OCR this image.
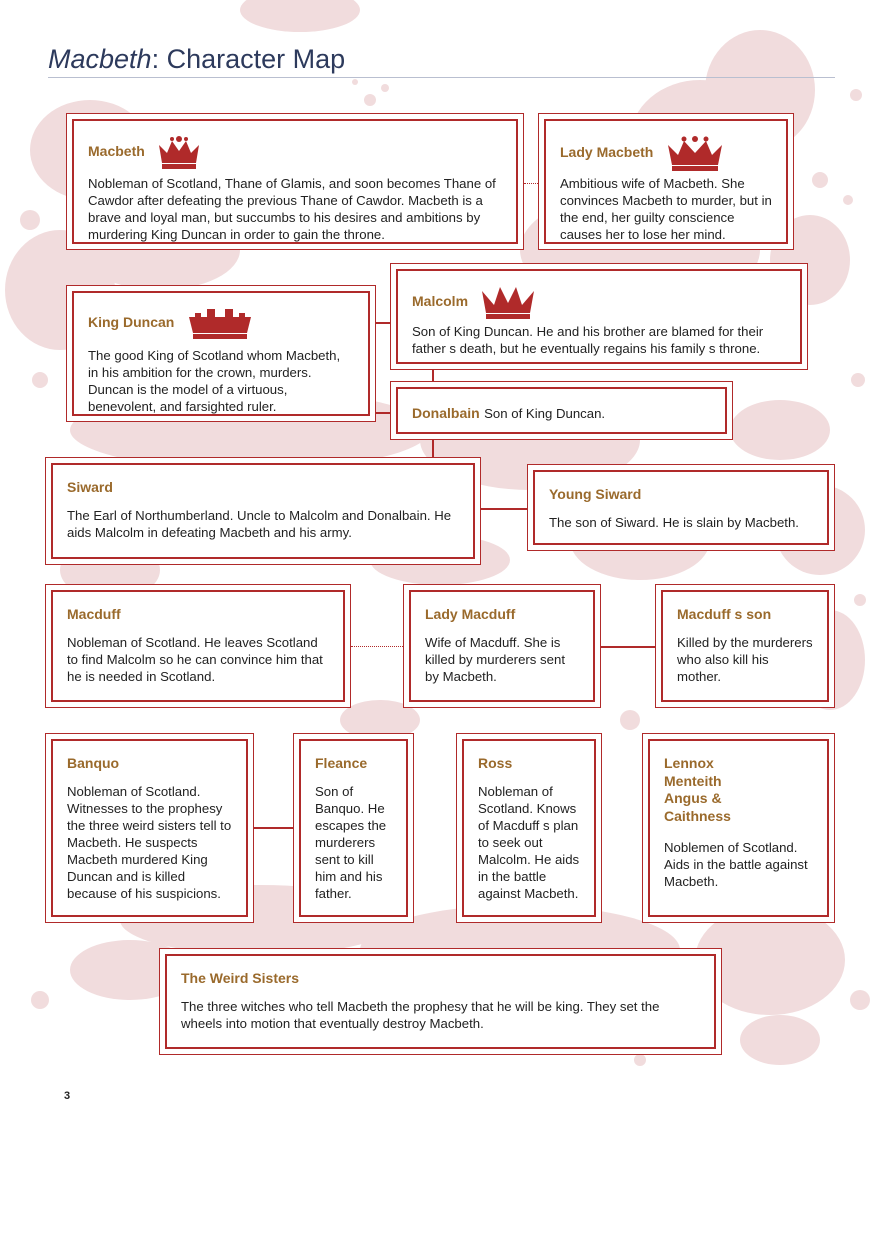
Macbeth: Character Map
Macbeth
Nobleman of Scotland, Thane of Glamis, and soon becomes Thane of Cawdor after defeating the previous Thane of Cawdor. Macbeth is a brave and loyal man, but succumbs to his desires and ambitions by murdering King Duncan in order to gain the throne.
Lady Macbeth
Ambitious wife of Macbeth. She convinces Macbeth to murder, but in the end, her guilty conscience causes her to lose her mind.
Malcolm
Son of King Duncan. He and his brother are blamed for their father s death, but he eventually regains his family s throne.
King Duncan
The good King of Scotland whom Macbeth, in his ambition for the crown, murders. Duncan is the model of a virtuous, benevolent, and farsighted ruler.	Donalbain Son of King Duncan.
Siward
The Earl of Northumberland. Uncle to Malcolm and Donalbain. He aids Malcolm in defeating Macbeth and his army.
Young Siward
The son of Siward. He is slain by Macbeth.
Macduff
Nobleman of Scotland. He leaves Scotland to find Malcolm so he can convince him that he is needed in Scotland.
Lady Macduff
Wife of Macduff. She is killed by murderers sent by Macbeth.
Macduff s son
Killed by the murderers who also kill his mother.
Banquo
Nobleman of Scotland. Witnesses to the prophesy the three weird sisters tell to Macbeth. He suspects Macbeth murdered King Duncan and is killed because of his suspicions.
Fleance
Son of Banquo. He escapes the murderers sent to kill him and his father.
Ross
Nobleman of Scotland. Knows of Macduff s plan to seek out Malcolm. He aids in the battle against Macbeth.
Lennox Menteith Angus & Caithness
Noblemen of Scotland. Aids in the battle against Macbeth.
The Weird Sisters
The three witches who tell Macbeth the prophesy that he will be king. They set the wheels into motion that eventually destroy Macbeth.
3
